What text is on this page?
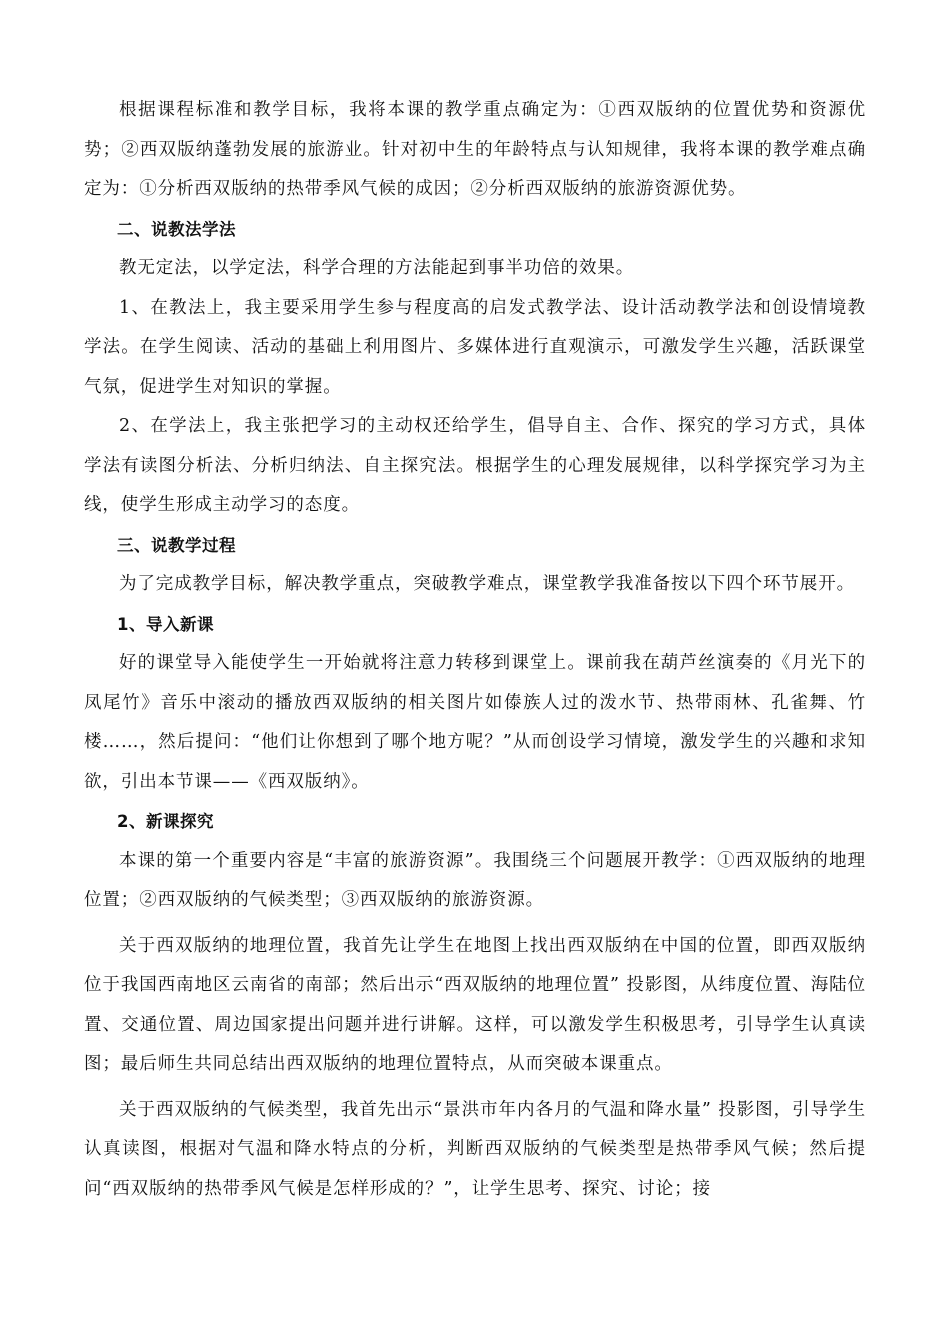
根据课程标准和教学目标，我将本课的教学重点确定为：①西双版纳的位置优势和资源优势；②西双版纳蓬勃发展的旅游业。针对初中生的年龄特点与认知规律，我将本课的教学难点确定为：①分析西双版纳的热带季风气候的成因；②分析西双版纳的旅游资源优势。

二、说教法学法

教无定法，以学定法，科学合理的方法能起到事半功倍的效果。

1、在教法上，我主要采用学生参与程度高的启发式教学法、设计活动教学法和创设情境教学法。在学生阅读、活动的基础上利用图片、多媒体进行直观演示，可激发学生兴趣，活跃课堂气氛，促进学生对知识的掌握。

2、在学法上，我主张把学习的主动权还给学生，倡导自主、合作、探究的学习方式，具体学法有读图分析法、分析归纳法、自主探究法。根据学生的心理发展规律，以科学探究学习为主线，使学生形成主动学习的态度。

三、说教学过程

为了完成教学目标，解决教学重点，突破教学难点，课堂教学我准备按以下四个环节展开。

1、导入新课

好的课堂导入能使学生一开始就将注意力转移到课堂上。课前我在葫芦丝演奏的《月光下的凤尾竹》音乐中滚动的播放西双版纳的相关图片如傣族人过的泼水节、热带雨林、孔雀舞、竹楼……，然后提问：“他们让你想到了哪个地方呢？”从而创设学习情境，激发学生的兴趣和求知欲，引出本节课——《西双版纳》。

2、新课探究

本课的第一个重要内容是“丰富的旅游资源”。我围绕三个问题展开教学：①西双版纳的地理位置；②西双版纳的气候类型；③西双版纳的旅游资源。

关于西双版纳的地理位置，我首先让学生在地图上找出西双版纳在中国的位置，即西双版纳位于我国西南地区云南省的南部；然后出示“西双版纳的地理位置” 投影图，从纬度位置、海陆位置、交通位置、周边国家提出问题并进行讲解。这样，可以激发学生积极思考，引导学生认真读图；最后师生共同总结出西双版纳的地理位置特点，从而突破本课重点。

关于西双版纳的气候类型，我首先出示“景洪市年内各月的气温和降水量” 投影图，引导学生认真读图，根据对气温和降水特点的分析，判断西双版纳的气候类型是热带季风气候；然后提问“西双版纳的热带季风气候是怎样形成的？”，让学生思考、探究、讨论；接
